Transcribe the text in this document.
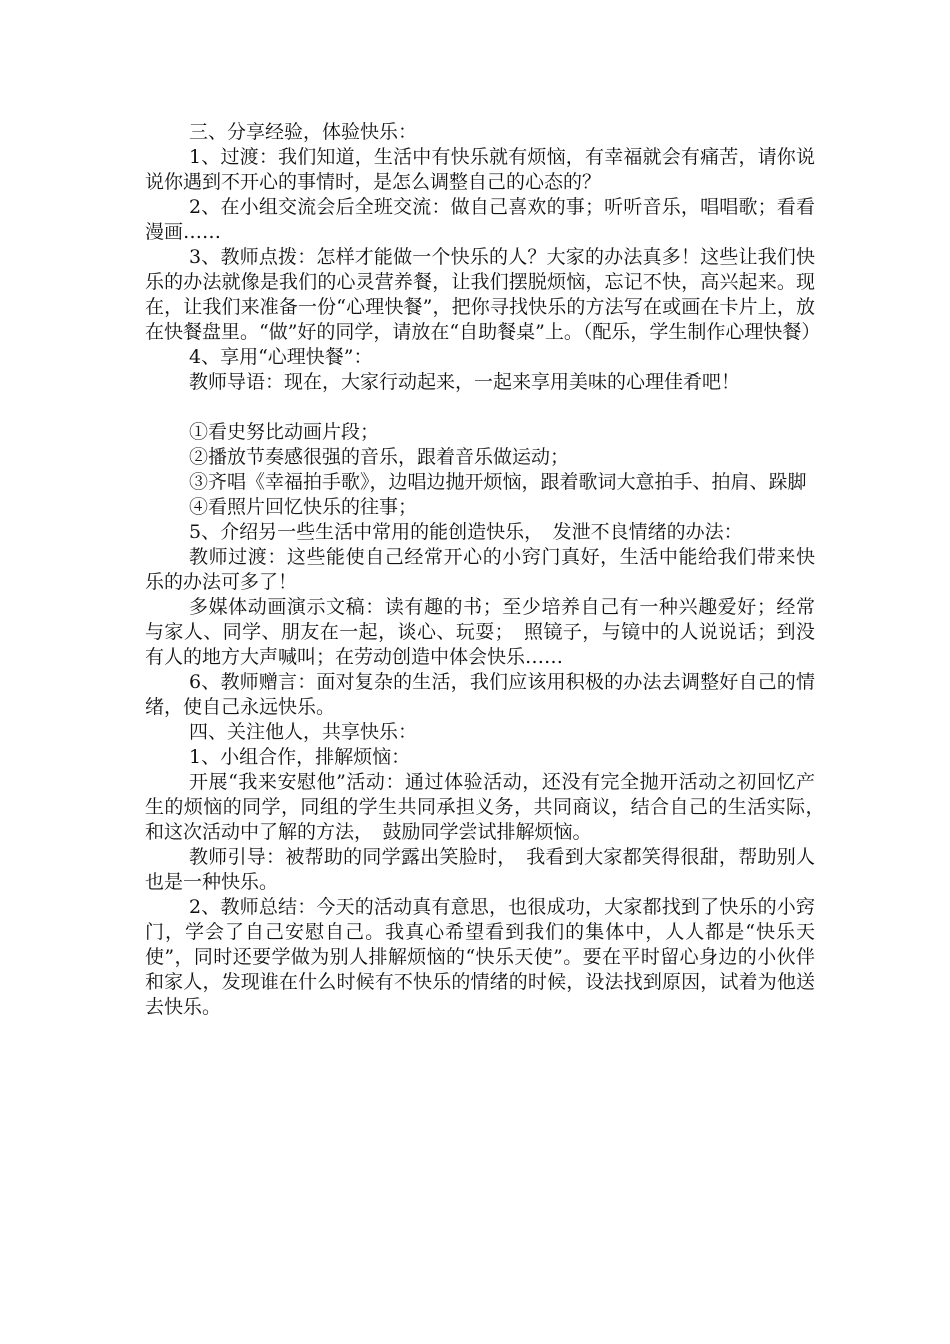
三、分享经验，体验快乐：

1、过渡：我们知道，生活中有快乐就有烦恼，有幸福就会有痛苦，请你说说你遇到不开心的事情时，是怎么调整自己的心态的？

2、在小组交流会后全班交流：做自己喜欢的事；听听音乐，唱唱歌；看看漫画……

3、教师点拨：怎样才能做一个快乐的人？大家的办法真多！这些让我们快乐的办法就像是我们的心灵营养餐，让我们摆脱烦恼，忘记不快，高兴起来。现在，让我们来准备一份“心理快餐”，把你寻找快乐的方法写在或画在卡片上，放在快餐盘里。“做”好的同学，请放在“自助餐桌”上。（配乐，学生制作心理快餐）

4、享用“心理快餐”：

教师导语：现在，大家行动起来，一起来享用美味的心理佳肴吧！

①看史努比动画片段；

②播放节奏感很强的音乐，跟着音乐做运动；

③齐唱《幸福拍手歌》，边唱边抛开烦恼，跟着歌词大意拍手、拍肩、跺脚

④看照片回忆快乐的往事；

5、介绍另一些生活中常用的能创造快乐，　发泄不良情绪的办法：

教师过渡：这些能使自己经常开心的小窍门真好，生活中能给我们带来快乐的办法可多了！

多媒体动画演示文稿：读有趣的书；至少培养自己有一种兴趣爱好；经常与家人、同学、朋友在一起，谈心、玩耍；　照镜子，与镜中的人说说话；到没有人的地方大声喊叫；在劳动创造中体会快乐……

6、教师赠言：面对复杂的生活，我们应该用积极的办法去调整好自己的情绪，使自己永远快乐。

四、关注他人，共享快乐：

1、小组合作，排解烦恼：

开展“我来安慰他”活动：通过体验活动，还没有完全抛开活动之初回忆产生的烦恼的同学，同组的学生共同承担义务，共同商议，结合自己的生活实际，　和这次活动中了解的方法，　鼓励同学尝试排解烦恼。

教师引导：被帮助的同学露出笑脸时，　我看到大家都笑得很甜，帮助别人也是一种快乐。

2、教师总结：今天的活动真有意思，也很成功，大家都找到了快乐的小窍门，学会了自己安慰自己。我真心希望看到我们的集体中，人人都是“快乐天使”，同时还要学做为别人排解烦恼的“快乐天使”。要在平时留心身边的小伙伴和家人，发现谁在什么时候有不快乐的情绪的时候，设法找到原因，试着为他送去快乐。
